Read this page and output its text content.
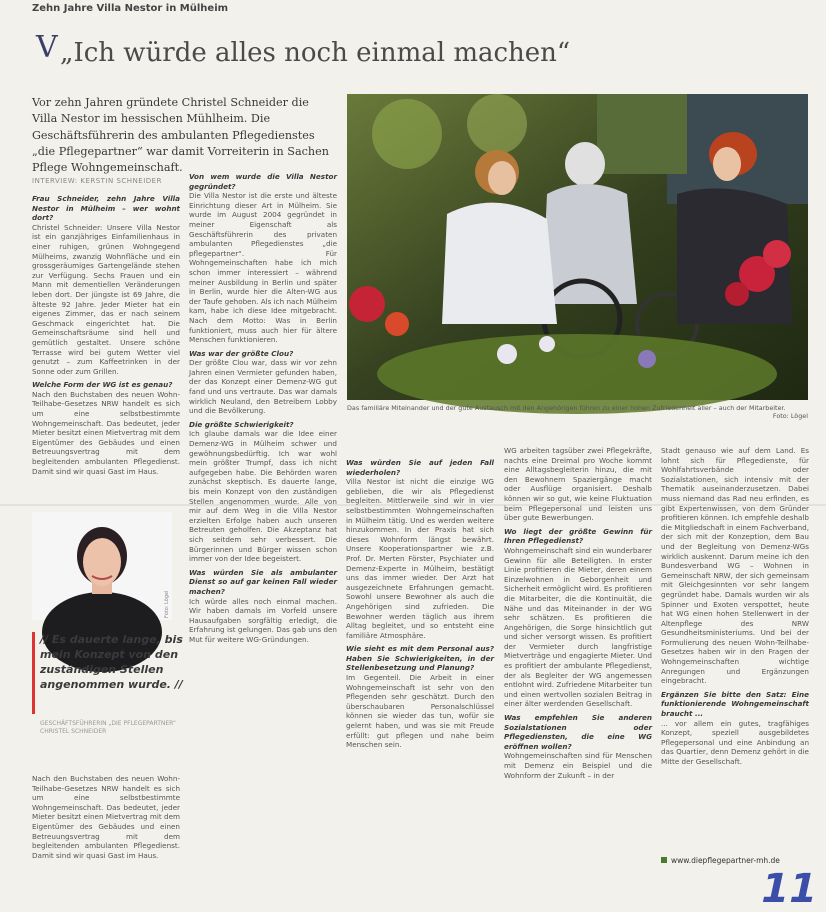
Zehn Jahre Villa Nestor in Mülheim
V „Ich würde alles noch einmal machen“
Vor zehn Jahren gründete Christel Schneider die Villa Nestor im hessischen Mühlheim. Die Geschäftsführerin des ambulanten Pflegedienstes „die Pflegepartner“ war damit Vorreiterin in Sachen Pflege Wohngemeinschaft.
INTERVIEW: KERSTIN SCHNEIDER
Frau Schneider, zehn Jahre Villa Nestor in Mülheim – wer wohnt dort?
Christel Schneider: Unsere Villa Nestor ist ein ganzjähriges Einfamilienhaus in einer ruhigen, grünen Wohngegend Mülheims, zwanzig Wohnfläche und ein grossgeräumiges Gartengelände stehen zur Verfügung. Sechs Frauen und ein Mann mit dementiellen Veränderungen leben dort. Der jüngste ist 69 Jahre, die älteste 92 Jahre. Jeder Mieter hat ein eigenes Zimmer, das er nach seinem Geschmack eingerichtet hat. Die Gemeinschaftsräume sind hell und gemütlich gestaltet. Unsere schöne Terrasse wird bei gutem Wetter viel genutzt – zum Kaffeetrinken in der Sonne oder zum Grillen.
Welche Form der WG ist es genau?
Nach den Buchstaben des neuen Wohn-Teilhabe-Gesetzes NRW handelt es sich um eine selbstbestimmte Wohngemeinschaft. Das bedeutet, jeder Mieter besitzt einen Mietvertrag mit dem Eigentümer des Gebäudes und einen Betreuungsvertrag mit dem begleitenden ambulanten Pflegedienst. Damit sind wir quasi Gast im Haus.
Foto: Lögel
// Es dauerte lange, bis mein Konzept von den zuständigen Stellen angenommen wurde. //
GESCHÄFTSFÜHRERIN „DIE PFLEGEPARTNER“ CHRISTEL SCHNEIDER
Nach den Buchstaben des neuen Wohn-Teilhabe-Gesetzes NRW handelt es sich um eine selbstbestimmte Wohngemeinschaft. Das bedeutet, jeder Mieter besitzt einen Mietvertrag mit dem Eigentümer des Gebäudes und einen Betreuungsvertrag mit dem begleitenden ambulanten Pflegedienst. Damit sind wir quasi Gast im Haus.
Von wem wurde die Villa Nestor gegründet?
Die Villa Nestor ist die erste und älteste Einrichtung dieser Art in Mülheim. Sie wurde im August 2004 gegründet in meiner Eigenschaft als Geschäftsführerin des privaten ambulanten Pflegedienstes „die pflegepartner“. Für Wohngemeinschaften habe ich mich schon immer interessiert – während meiner Ausbildung in Berlin und später in Berlin, wurde hier die Alten-WG aus der Taufe gehoben. Als ich nach Mülheim kam, habe ich diese Idee mitgebracht. Nach dem Motto: Was in Berlin funktioniert, muss auch hier für ältere Menschen funktionieren.
Was war der größte Clou?
Der größte Clou war, dass wir vor zehn Jahren einen Vermieter gefunden haben, der das Konzept einer Demenz-WG gut fand und uns vertraute. Das war damals wirklich Neuland, den Betreibern Lobby und die Bevölkerung.
Die größte Schwierigkeit?
Ich glaube damals war die Idee einer Demenz-WG in Mülheim schwer und gewöhnungsbedürftig. Ich war wohl mein größter Trumpf, dass ich nicht aufgegeben habe. Die Behörden waren zunächst skeptisch. Es dauerte lange, bis mein Konzept von den zuständigen Stellen angenommen wurde. Alle von mir auf dem Weg in die Villa Nestor erzielten Erfolge haben auch unseren Betreuten geholfen. Die Akzeptanz hat sich seitdem sehr verbessert. Die Bürgerinnen und Bürger wissen schon immer von der Idee begeistert.
Was würden Sie als ambulanter Dienst so auf gar keinen Fall wieder machen?
Ich würde alles noch einmal machen. Wir haben damals im Vorfeld unsere Hausaufgaben sorgfältig erledigt, die Erfahrung ist gelungen. Das gab uns den Mut für weitere WG-Gründungen.
Das familiäre Miteinander und der gute Austausch mit den Angehörigen führen zu einer hohen Zufriedenheit aller – auch der Mitarbeiter.
Foto: Lögel
Was würden Sie auf jeden Fall wiederholen?
Villa Nestor ist nicht die einzige WG geblieben, die wir als Pflegedienst begleiten. Mittlerweile sind wir in vier selbstbestimmten Wohngemeinschaften in Mülheim tätig. Und es werden weitere hinzukommen. In der Praxis hat sich dieses Wohnform längst bewährt. Unsere Kooperationspartner wie z.B. Prof. Dr. Merten Förster, Psychiater und Demenz-Experte in Mülheim, bestätigt uns das immer wieder. Der Arzt hat ausgezeichnete Erfahrungen gemacht. Sowohl unsere Bewohner als auch die Angehörigen sind zufrieden. Die Bewohner werden täglich aus ihrem Alltag begleitet, und so entsteht eine familiäre Atmosphäre.
Wie sieht es mit dem Personal aus? Haben Sie Schwierigkeiten, in der Stellenbesetzung und Planung?
Im Gegenteil. Die Arbeit in einer Wohngemeinschaft ist sehr von den Pflegenden sehr geschätzt. Durch den überschaubaren Personalschlüssel können sie wieder das tun, wofür sie gelernt haben, und was sie mit Freude erfüllt: gut pflegen und nahe beim Menschen sein.
WG arbeiten tagsüber zwei Pflegekräfte, nachts eine Dreimal pro Woche kommt eine Alltagsbegleiterin hinzu, die mit den Bewohnern Spaziergänge macht oder Ausflüge organisiert. Deshalb können wir so gut, wie keine Fluktuation beim Pflegepersonal und leisten uns über gute Bewerbungen.
Wo liegt der größte Gewinn für Ihren Pflegedienst?
Wohngemeinschaft sind ein wunderbarer Gewinn für alle Beteiligten. In erster Linie profitieren die Mieter, deren einem Einzelwohnen in Geborgenheit und Sicherheit ermöglicht wird. Es profitieren die Mitarbeiter, die die Kontinuität, die Nähe und das Miteinander in der WG sehr schätzen. Es profitieren die Angehörigen, die Sorge hinsichtlich gut und sicher versorgt wissen. Es profitiert der Vermieter durch langfristige Mietverträge und engagierte Mieter. Und es profitiert der ambulante Pflegedienst, der als Begleiter der WG angemessen entlohnt wird. Zufriedene Mitarbeiter tun und einen wertvollen sozialen Beitrag in einer älter werdenden Gesellschaft.
Was empfehlen Sie anderen Sozialstationen oder Pflegediensten, die eine WG eröffnen wollen?
Wohngemeinschaften sind für Menschen mit Demenz ein Beispiel und die Wohnform der Zukunft – in der
Stadt genauso wie auf dem Land. Es lohnt sich für Pflegedienste, für Wohlfahrtsverbände oder Sozialstationen, sich intensiv mit der Thematik auseinanderzusetzen. Dabei muss niemand das Rad neu erfinden, es gibt Expertenwissen, von dem Gründer profitieren können. Ich empfehle deshalb die Mitgliedschaft in einem Fachverband, der sich mit der Konzeption, dem Bau und der Begleitung von Demenz-WGs wirklich auskennt. Darum meine ich den Bundesverband WG – Wohnen in Gemeinschaft NRW, der sich gemeinsam mit Gleichgesinnten vor sehr langem gegründet habe. Damals wurden wir als Spinner und Exoten verspottet, heute hat WG einen hohen Stellenwert in der Altenpflege des NRW Gesundheitsministeriums. Und bei der Formulierung des neuen Wohn-Teilhabe-Gesetzes haben wir in den Fragen der Wohngemeinschaften wichtige Anregungen und Ergänzungen eingebracht.
Ergänzen Sie bitte den Satz: Eine funktionierende Wohngemeinschaft braucht ...
... vor allem ein gutes, tragfähiges Konzept, speziell ausgebildetes Pflegepersonal und eine Anbindung an das Quartier, denn Demenz gehört in die Mitte der Gesellschaft.
www.diepflegepartner-mh.de
11
